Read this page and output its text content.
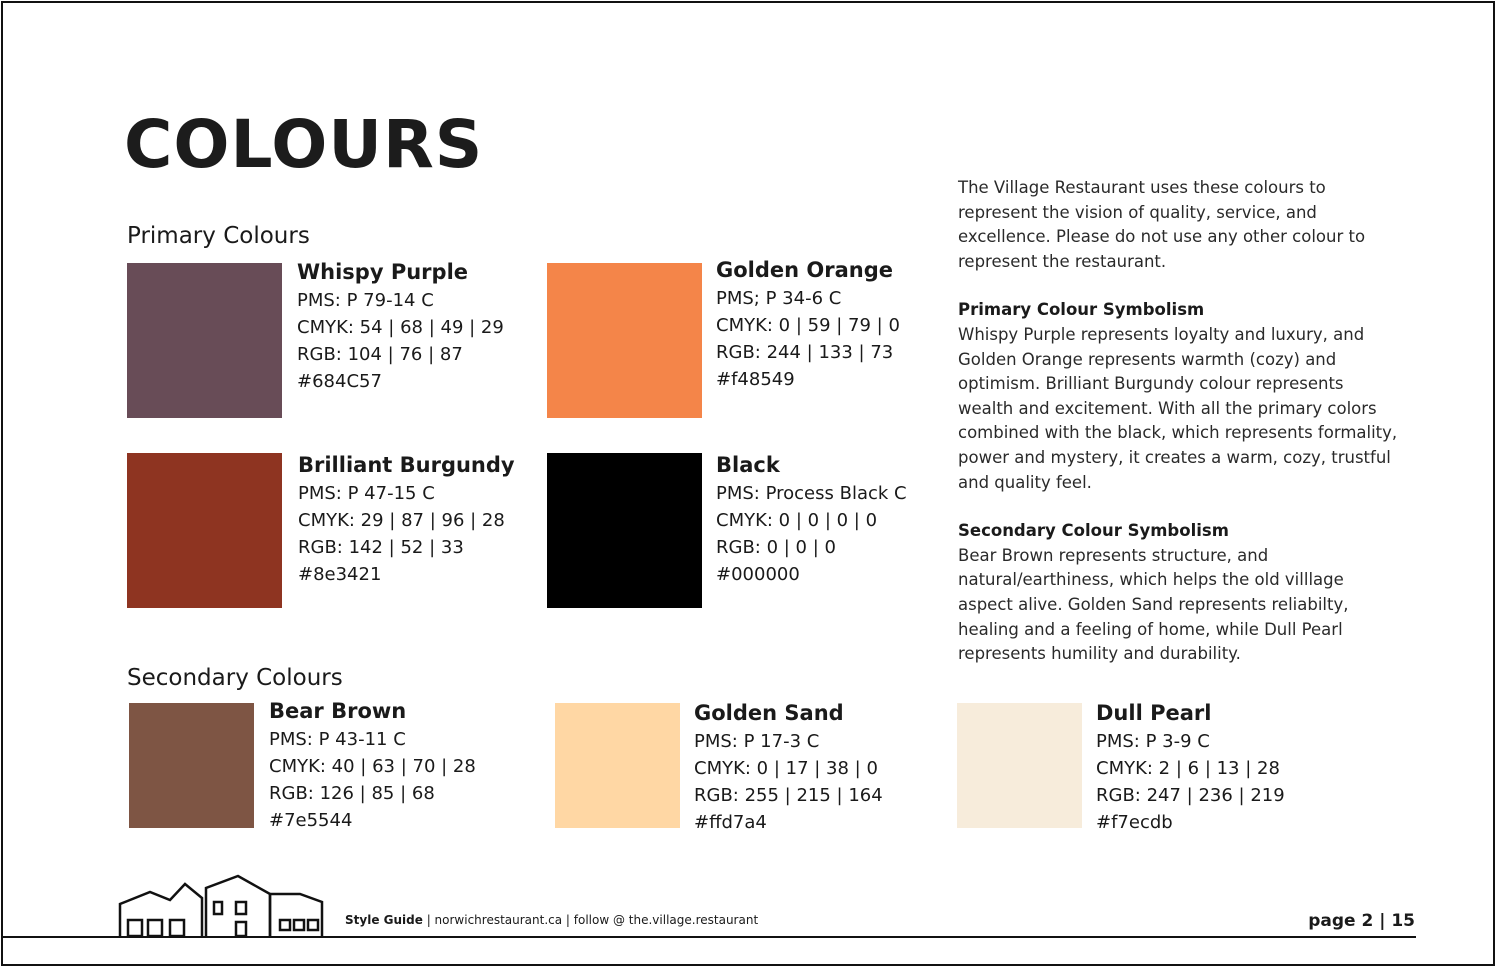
COLOURS
Primary Colours
Whispy Purple
PMS: P 79-14 C
CMYK: 54 | 68 | 49 | 29
RGB: 104 | 76 | 87
#684C57
Golden Orange
PMS; P 34-6 C
CMYK: 0 | 59 | 79 | 0
RGB: 244 | 133 | 73
#f48549
Brilliant Burgundy
PMS: P 47-15 C
CMYK: 29 | 87 | 96 | 28
RGB: 142 | 52 | 33
#8e3421
Black
PMS: Process Black C
CMYK: 0 | 0 | 0 | 0
RGB: 0 | 0 | 0
#000000
Secondary Colours
Bear Brown
PMS: P 43-11 C
CMYK: 40 | 63 | 70 | 28
RGB: 126 | 85 | 68
#7e5544
Golden Sand
PMS: P 17-3 C
CMYK: 0 | 17 | 38 | 0
RGB: 255 | 215 | 164
#ffd7a4
Dull Pearl
PMS: P 3-9 C
CMYK: 2 | 6 | 13 | 28
RGB: 247 | 236 | 219
#f7ecdb

The Village Restaurant uses these colours to represent the vision of quality, service, and excellence. Please do not use any other colour to represent the restaurant.

Primary Colour Symbolism

Whispy Purple represents loyalty and luxury, and Golden Orange represents warmth (cozy) and optimism. Brilliant Burgundy colour represents wealth and excitement. With all the primary colors combined with the black, which represents formality, power and mystery, it creates a warm, cozy, trustful and quality feel.

Secondary Colour Symbolism

Bear Brown represents structure, and natural/earthiness, which helps the old villlage aspect alive. Golden Sand represents reliabilty, healing and a feeling of home, while Dull Pearl represents humility and durability.

Style Guide | norwichrestaurant.ca | follow @ the.village.restaurant	page 2 | 15
